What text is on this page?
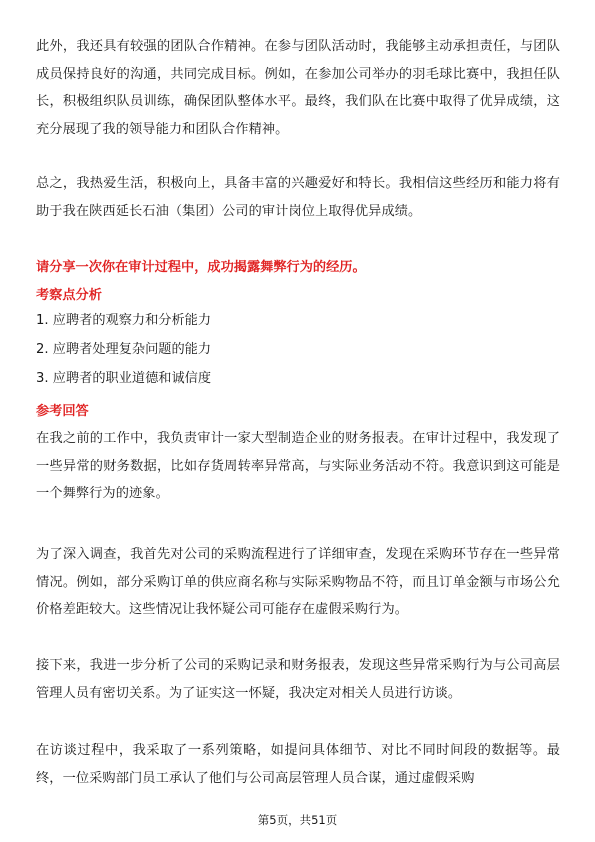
此外，我还具有较强的团队合作精神。在参与团队活动时，我能够主动承担责任，与团队成员保持良好的沟通，共同完成目标。例如，在参加公司举办的羽毛球比赛中，我担任队长，积极组织队员训练，确保团队整体水平。最终，我们队在比赛中取得了优异成绩，这充分展现了我的领导能力和团队合作精神。

总之，我热爱生活，积极向上，具备丰富的兴趣爱好和特长。我相信这些经历和能力将有助于我在陕西延长石油（集团）公司的审计岗位上取得优异成绩。

请分享一次你在审计过程中，成功揭露舞弊行为的经历。

考察点分析

1. 应聘者的观察力和分析能力

2. 应聘者处理复杂问题的能力

3. 应聘者的职业道德和诚信度

参考回答

在我之前的工作中，我负责审计一家大型制造企业的财务报表。在审计过程中，我发现了一些异常的财务数据，比如存货周转率异常高，与实际业务活动不符。我意识到这可能是一个舞弊行为的迹象。

为了深入调查，我首先对公司的采购流程进行了详细审查，发现在采购环节存在一些异常情况。例如，部分采购订单的供应商名称与实际采购物品不符，而且订单金额与市场公允价格差距较大。这些情况让我怀疑公司可能存在虚假采购行为。

接下来，我进一步分析了公司的采购记录和财务报表，发现这些异常采购行为与公司高层管理人员有密切关系。为了证实这一怀疑，我决定对相关人员进行访谈。

在访谈过程中，我采取了一系列策略，如提问具体细节、对比不同时间段的数据等。最终，一位采购部门员工承认了他们与公司高层管理人员合谋，通过虚假采购

第5页，共51页
